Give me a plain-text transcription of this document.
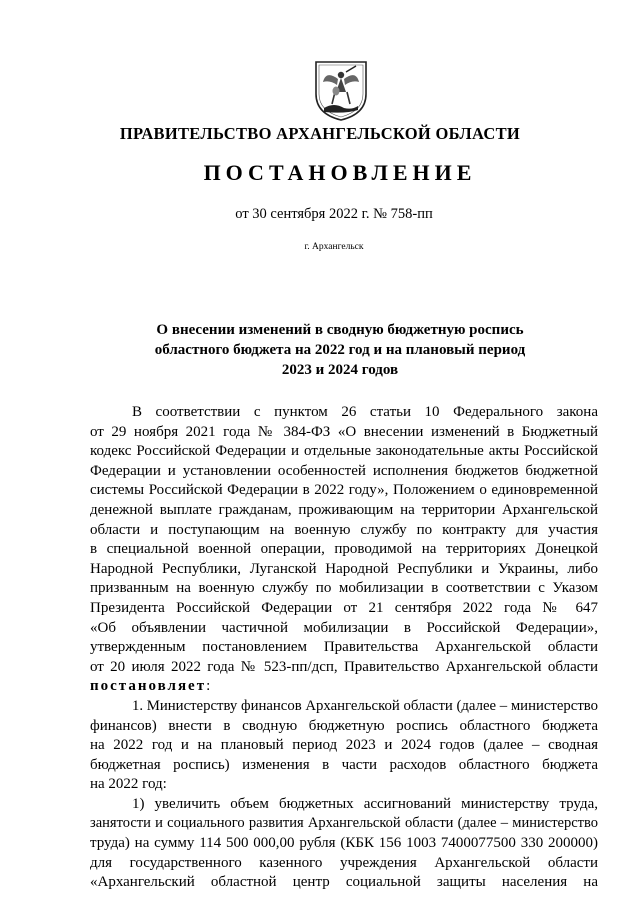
ПРАВИТЕЛЬСТВО АРХАНГЕЛЬСКОЙ ОБЛАСТИ
ПОСТАНОВЛЕНИЕ
от 30 сентября 2022 г. № 758-пп
г. Архангельск
О внесении изменений в сводную бюджетную роспись
областного бюджета на 2022 год и на плановый период
2023 и 2024 годов
В соответствии с пунктом 26 статьи 10 Федерального закона
от 29 ноября 2021 года № 384-ФЗ «О внесении изменений в Бюджетный
кодекс Российской Федерации и отдельные законодательные акты Российской
Федерации и установлении особенностей исполнения бюджетов бюджетной
системы Российской Федерации в 2022 году», Положением о единовременной
денежной выплате гражданам, проживающим на территории Архангельской
области и поступающим на военную службу по контракту для участия
в специальной военной операции, проводимой на территориях Донецкой
Народной Республики, Луганской Народной Республики и Украины, либо
призванным на военную службу по мобилизации в соответствии с Указом
Президента Российской Федерации от 21 сентября 2022 года № 647
«Об объявлении частичной мобилизации в Российской Федерации»,
утвержденным постановлением Правительства Архангельской области
от 20 июля 2022 года № 523-пп/дсп, Правительство Архангельской области
постановляет:
1. Министерству финансов Архангельской области (далее – министерство
финансов) внести в сводную бюджетную роспись областного бюджета
на 2022 год и на плановый период 2023 и 2024 годов (далее – сводная
бюджетная роспись) изменения в части расходов областного бюджета
на 2022 год:
1) увеличить объем бюджетных ассигнований министерству труда,
занятости и социального развития Архангельской области (далее – министерство
труда) на сумму 114 500 000,00 рубля (КБК 156 1003 7400077500 330 200000)
для государственного казенного учреждения Архангельской области
«Архангельский областной центр социальной защиты населения на
